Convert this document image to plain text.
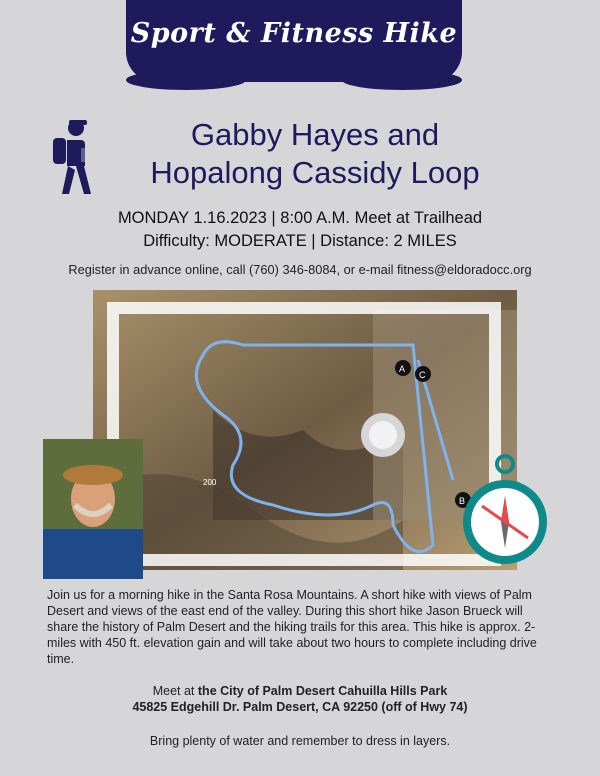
Sport & Fitness Hike
Gabby Hayes and
Hopalong Cassidy Loop
MONDAY 1.16.2023 | 8:00 A.M. Meet at Trailhead
Difficulty: MODERATE | Distance: 2 MILES
Register in advance online, call (760) 346-8084, or e-mail fitness@eldoradocc.org
A
B
C
200
Join us for a morning hike in the Santa Rosa Mountains. A short hike with views of Palm Desert and views of the east end of the valley. During this short hike Jason Brueck will share the history of Palm Desert and the hiking trails for this area. This hike is approx. 2-miles with 450 ft. elevation gain and will take about two hours to complete including drive time.
Meet at the City of Palm Desert Cahuilla Hills Park
45825 Edgehill Dr. Palm Desert, CA 92250 (off of Hwy 74)
Bring plenty of water and remember to dress in layers.
